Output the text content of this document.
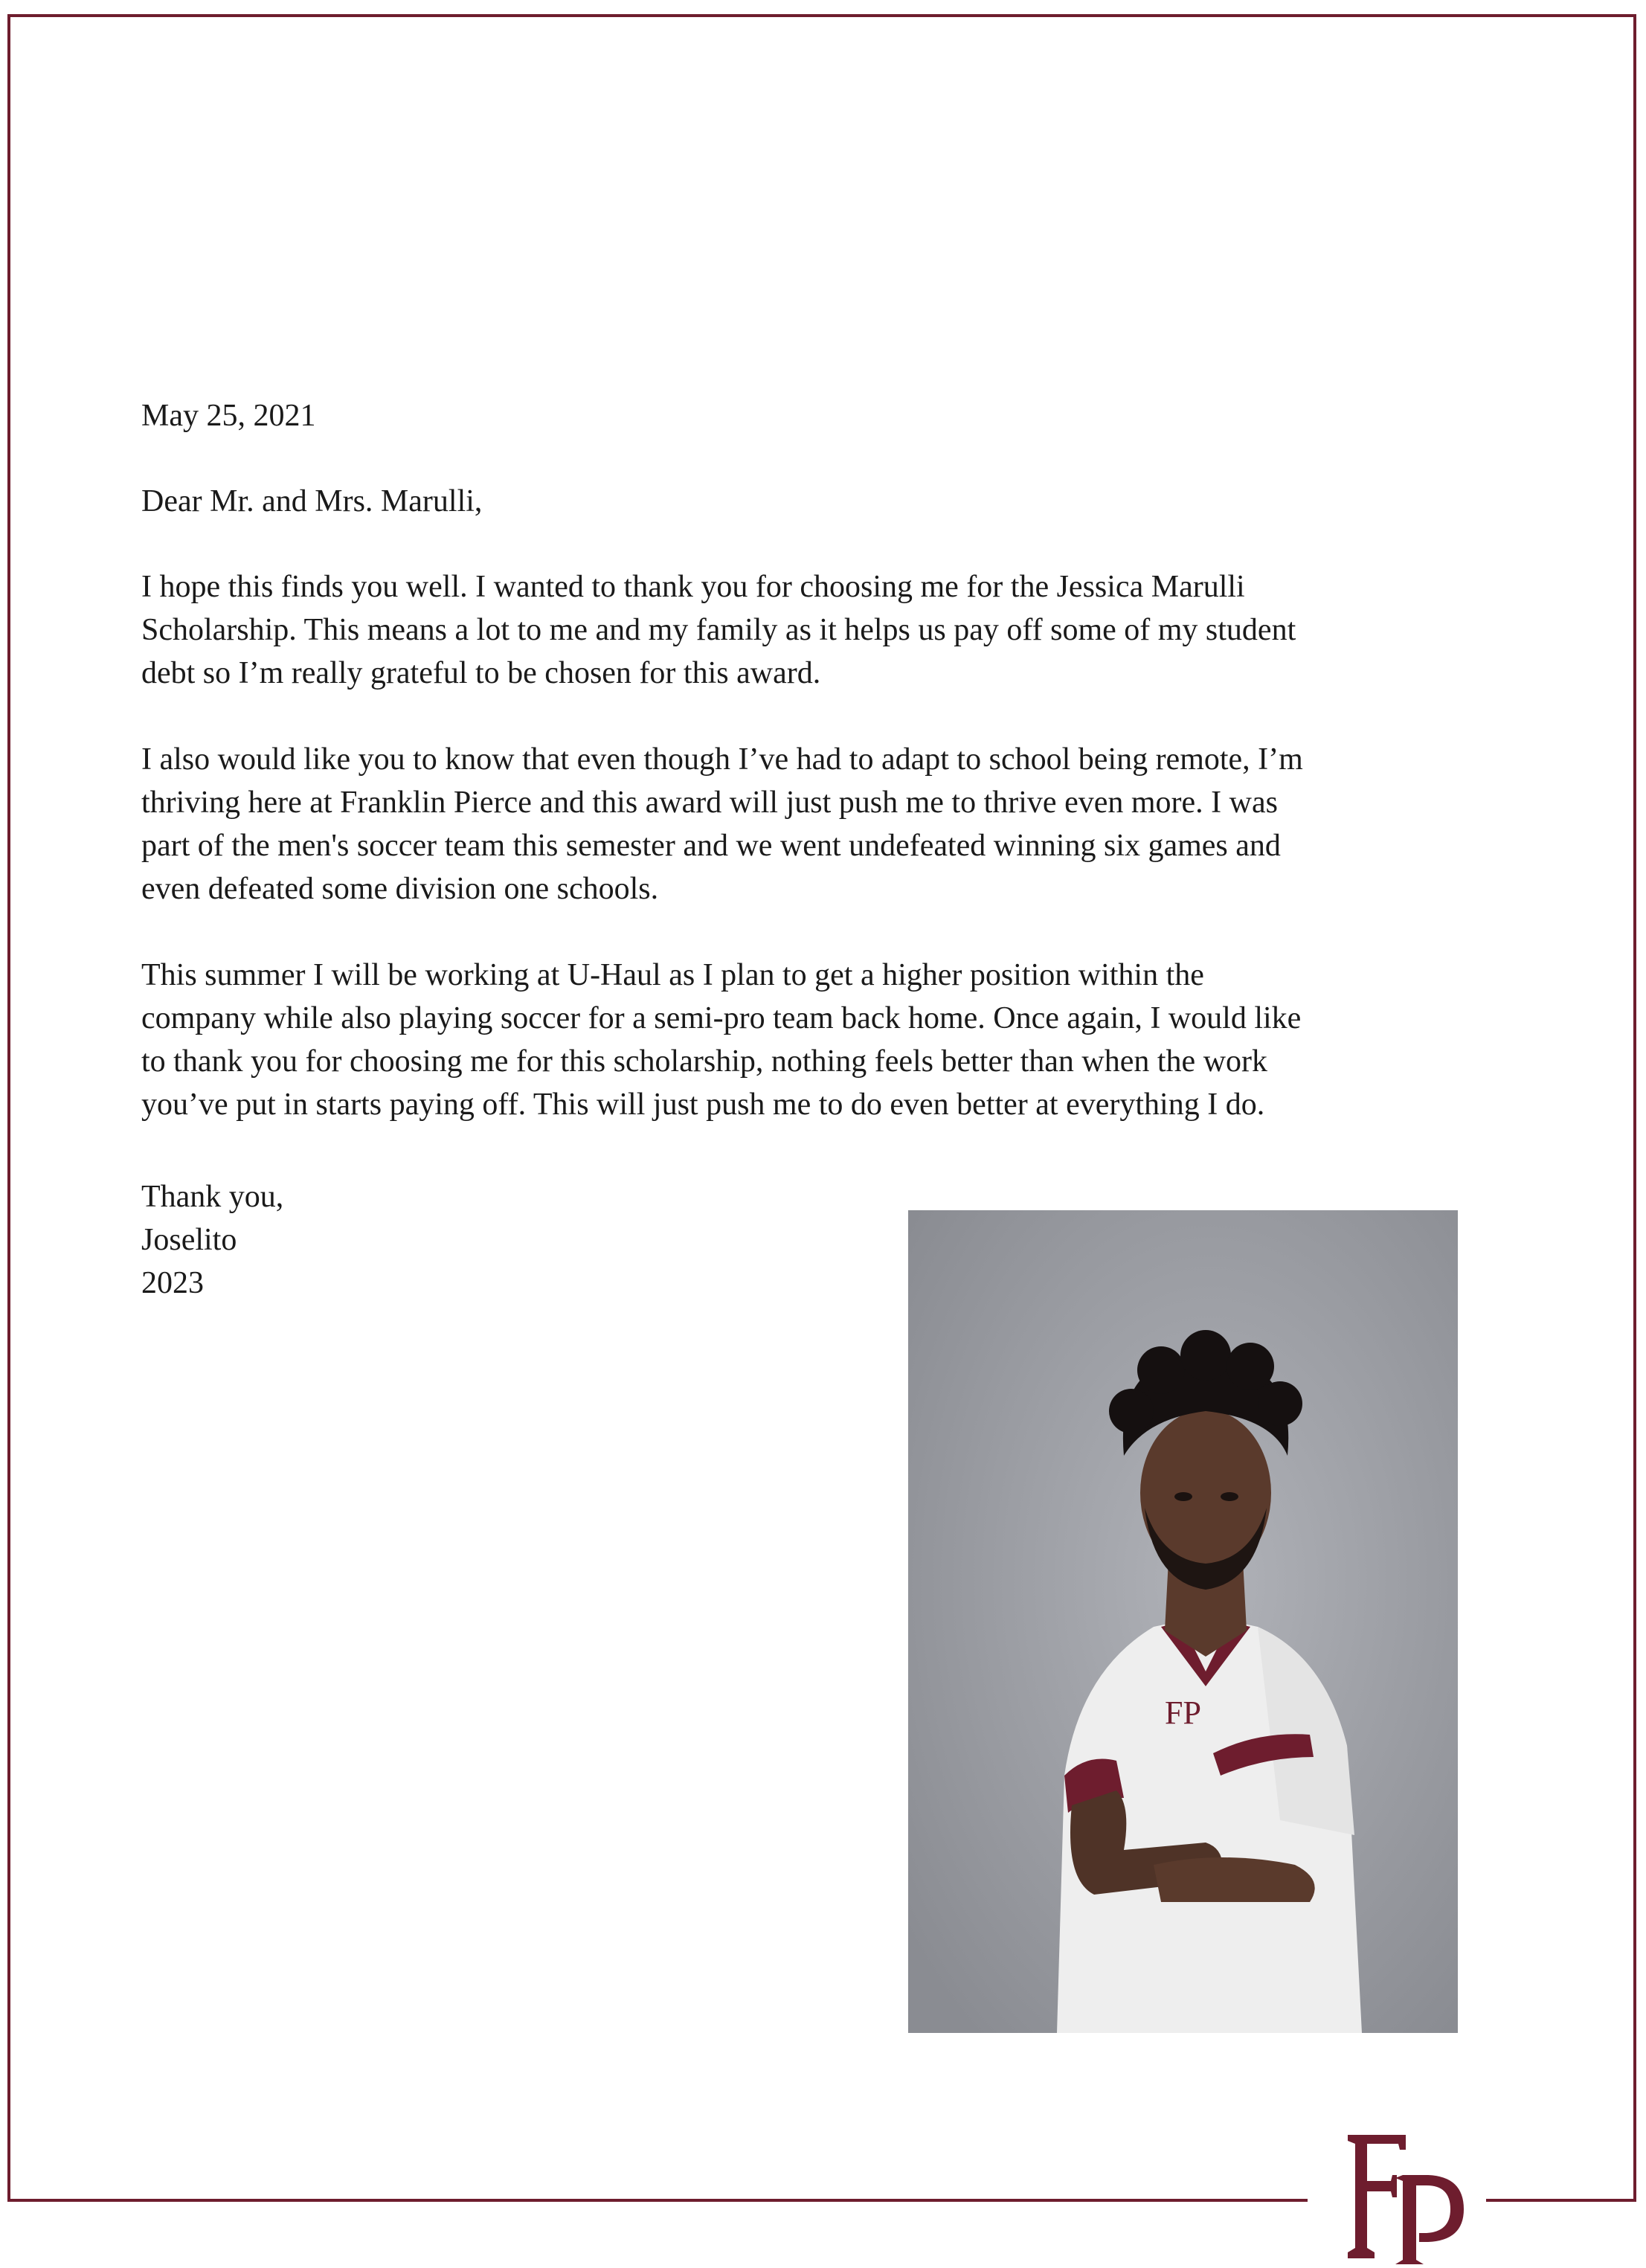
May 25, 2021

Dear Mr. and Mrs. Marulli,

I hope this finds you well. I wanted to thank you for choosing me for the Jessica Marulli
Scholarship. This means a lot to me and my family as it helps us pay off some of my student
debt so I’m really grateful to be chosen for this award.

I also would like you to know that even though I’ve had to adapt to school being remote, I’m
thriving here at Franklin Pierce and this award will just push me to thrive even more. I was
part of the men's soccer team this semester and we went undefeated winning six games and
even defeated some division one schools.

This summer I will be working at U-Haul as I plan to get a higher position within the
company while also playing soccer for a semi-pro team back home. Once again, I would like
to thank you for choosing me for this scholarship, nothing feels better than when the work
you’ve put in starts paying off. This will just push me to do even better at everything I do.

Thank you,
Joselito
2023
FP
